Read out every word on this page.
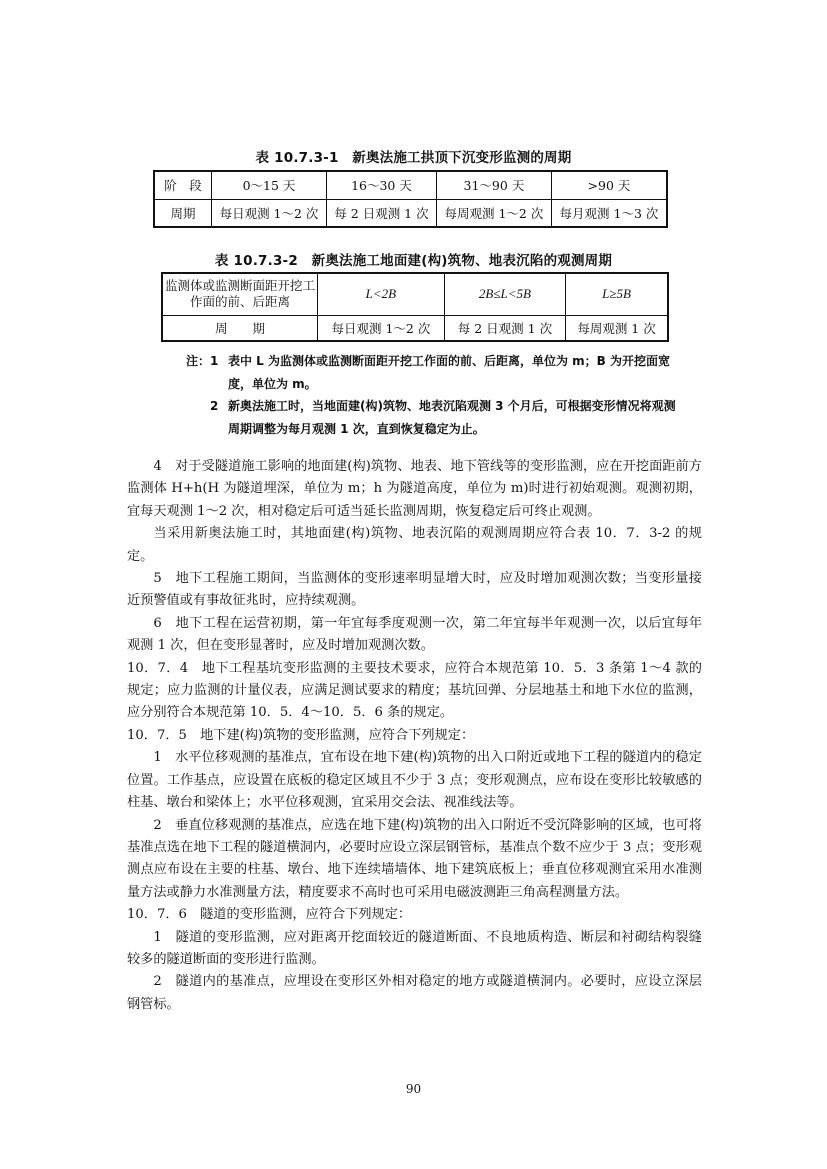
表 10.7.3-1　新奥法施工拱顶下沉变形监测的周期
阶　段	0～15 天	16～30 天	31～90 天	>90 天
周期	每日观测 1～2 次	每 2 日观测 1 次	每周观测 1～2 次	每月观测 1～3 次
表 10.7.3-2　新奥法施工地面建(构)筑物、地表沉陷的观测周期
监测体或监测断面距开挖工作面的前、后距离	L<2B	2B≤L<5B	L≥5B
周　　期	每日观测 1～2 次	每 2 日观测 1 次	每周观测 1 次
注：1 表中 L 为监测体或监测断面距开挖工作面的前、后距离，单位为 m；B 为开挖面宽度，单位为 m。
2 新奥法施工时，当地面建(构)筑物、地表沉陷观测 3 个月后，可根据变形情况将观测周期调整为每月观测 1 次，直到恢复稳定为止。

4　对于受隧道施工影响的地面建(构)筑物、地表、地下管线等的变形监测，应在开挖面距前方监测体 H+h(H 为隧道埋深，单位为 m；h 为隧道高度，单位为 m)时进行初始观测。观测初期，宜每天观测 1～2 次，相对稳定后可适当延长监测周期，恢复稳定后可终止观测。

当采用新奥法施工时，其地面建(构)筑物、地表沉陷的观测周期应符合表 10．7．3-2 的规定。

5　地下工程施工期间，当监测体的变形速率明显增大时，应及时增加观测次数；当变形量接近预警值或有事故征兆时，应持续观测。

6　地下工程在运营初期，第一年宜每季度观测一次，第二年宜每半年观测一次，以后宜每年观测 1 次，但在变形显著时，应及时增加观测次数。

10．7．4　地下工程基坑变形监测的主要技术要求，应符合本规范第 10．5．3 条第 1～4 款的规定；应力监测的计量仪表，应满足测试要求的精度；基坑回弹、分层地基土和地下水位的监测，应分别符合本规范第 10．5．4～10．5．6 条的规定。

10．7．5　地下建(构)筑物的变形监测，应符合下列规定：

1　水平位移观测的基准点，宜布设在地下建(构)筑物的出入口附近或地下工程的隧道内的稳定位置。工作基点，应设置在底板的稳定区域且不少于 3 点；变形观测点，应布设在变形比较敏感的柱基、墩台和梁体上；水平位移观测，宜采用交会法、视准线法等。

2　垂直位移观测的基准点，应选在地下建(构)筑物的出入口附近不受沉降影响的区域，也可将基准点选在地下工程的隧道横洞内，必要时应设立深层钢管标，基准点个数不应少于 3 点；变形观测点应布设在主要的柱基、墩台、地下连续墙墙体、地下建筑底板上；垂直位移观测宜采用水准测量方法或静力水准测量方法，精度要求不高时也可采用电磁波测距三角高程测量方法。

10．7．6　隧道的变形监测，应符合下列规定：

1　隧道的变形监测，应对距离开挖面较近的隧道断面、不良地质构造、断层和衬砌结构裂缝较多的隧道断面的变形进行监测。

2　隧道内的基准点，应埋设在变形区外相对稳定的地方或隧道横洞内。必要时，应设立深层钢管标。

90
